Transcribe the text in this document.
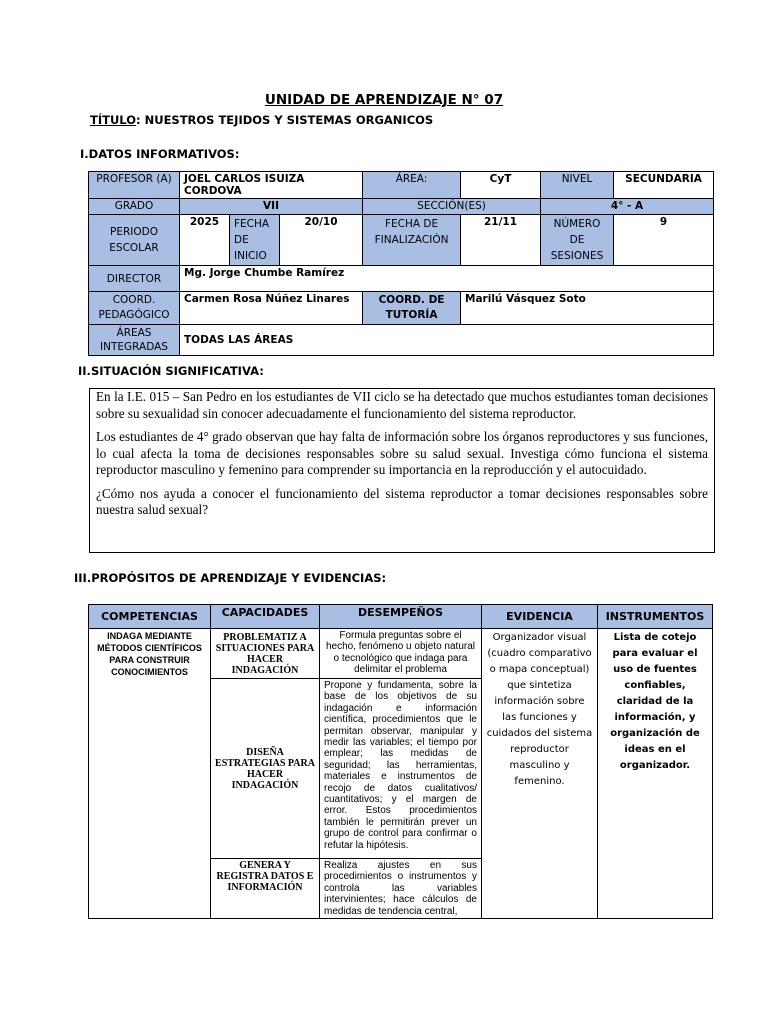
UNIDAD DE APRENDIZAJE N° 07
TÍTULO: NUESTROS TEJIDOS Y SISTEMAS ORGANICOS
I.DATOS INFORMATIVOS:
PROFESOR (A)	JOEL CARLOS ISUIZA CORDOVA			ÁREA:	CyT	NIVEL	SECUNDARIA
GRADO	VII			SECCIÓN(ES)		4° - A	
PERIODO ESCOLAR	2025	FECHA DE INICIO	20/10	FECHA DE FINALIZACIÓN	21/11	NÚMERO DE SESIONES	9
DIRECTOR	Mg. Jorge Chumbe Ramírez						
COORD. PEDAGÓGICO	Carmen Rosa Núñez Linares			COORD. DE TUTORÍA	Marilú Vásquez Soto		
ÁREAS INTEGRADAS	TODAS LAS ÁREAS						
II.SITUACIÓN SIGNIFICATIVA:

En la I.E. 015 – San Pedro en los estudiantes de VII ciclo se ha detectado que muchos estudiantes toman decisiones sobre su sexualidad sin conocer adecuadamente el funcionamiento del sistema reproductor.

Los estudiantes de 4° grado observan que hay falta de información sobre los órganos reproductores y sus funciones, lo cual afecta la toma de decisiones responsables sobre su salud sexual. Investiga cómo funciona el sistema reproductor masculino y femenino para comprender su importancia en la reproducción y el autocuidado.

¿Cómo nos ayuda a conocer el funcionamiento del sistema reproductor a tomar decisiones responsables sobre nuestra salud sexual?

III.PROPÓSITOS DE APRENDIZAJE Y EVIDENCIAS:
COMPETENCIAS	CAPACIDADES	DESEMPEÑOS	EVIDENCIA	INSTRUMENTOS
INDAGA MEDIANTE MÉTODOS CIENTÍFICOS PARA CONSTRUIR CONOCIMIENTOS	PROBLEMATIZ A SITUACIONES PARA HACER INDAGACIÓN	Formula preguntas sobre el hecho, fenómeno u objeto natural o tecnológico que indaga para delimitar el problema	Organizador visual (cuadro comparativo o mapa conceptual) que sintetiza información sobre las funciones y cuidados del sistema reproductor masculino y femenino.	Lista de cotejo para evaluar el uso de fuentes confiables, claridad de la información, y organización de ideas en el organizador.
	DISEÑA ESTRATEGIAS PARA HACER INDAGACIÓN	Propone y fundamenta, sobre la base de los objetivos de su indagación e información científica, procedimientos que le permitan observar, manipular y medir las variables; el tiempo por emplear; las medidas de seguridad; las herramientas, materiales e instrumentos de recojo de datos cualitativos/ cuantitativos; y el margen de error. Estos procedimientos también le permitirán prever un grupo de control para confirmar o refutar la hipótesis.		
	GENERA Y REGISTRA DATOS E INFORMACIÓN	Realiza ajustes en sus procedimientos o instrumentos y controla las variables intervinientes; hace cálculos de medidas de tendencia central,		
